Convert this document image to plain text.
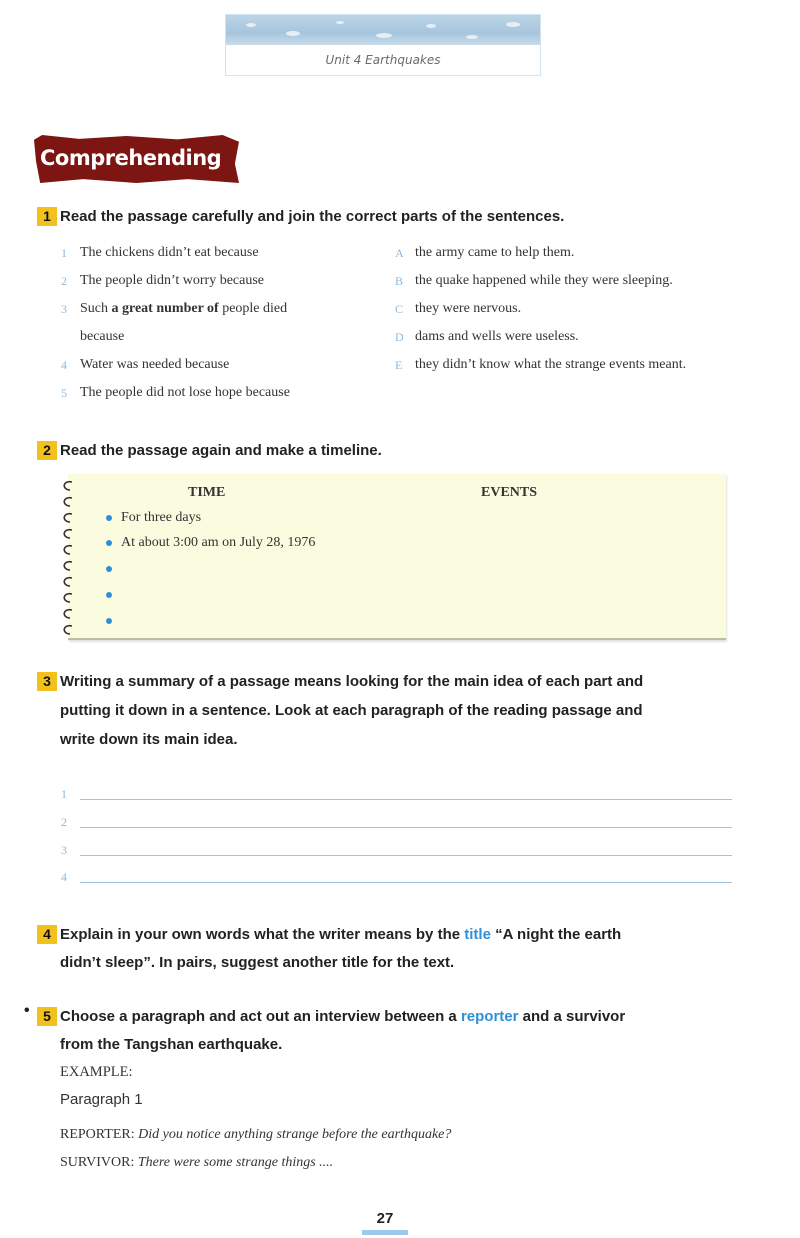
Unit 4 Earthquakes
Comprehending
1 Read the passage carefully and join the correct parts of the sentences.
1 The chickens didn’t eat because
2 The people didn’t worry because
3 Such a great number of people died
because
4 Water was needed because
5 The people did not lose hope because
A the army came to help them.
B the quake happened while they were sleeping.
C they were nervous.
D dams and wells were useless.
E they didn’t know what the strange events meant.
2 Read the passage again and make a timeline.
TIME	EVENTS
For three days
At about 3:00 am on July 28, 1976
3 Writing a summary of a passage means looking for the main idea of each part and
putting it down in a sentence. Look at each paragraph of the reading passage and
write down its main idea.
1
2
3
4
4 Explain in your own words what the writer means by the title “A night the earth
didn’t sleep”. In pairs, suggest another title for the text.
• 5 Choose a paragraph and act out an interview between a reporter and a survivor
from the Tangshan earthquake.
EXAMPLE:
Paragraph 1
REPORTER: Did you notice anything strange before the earthquake?
SURVIVOR: There were some strange things ....
27
